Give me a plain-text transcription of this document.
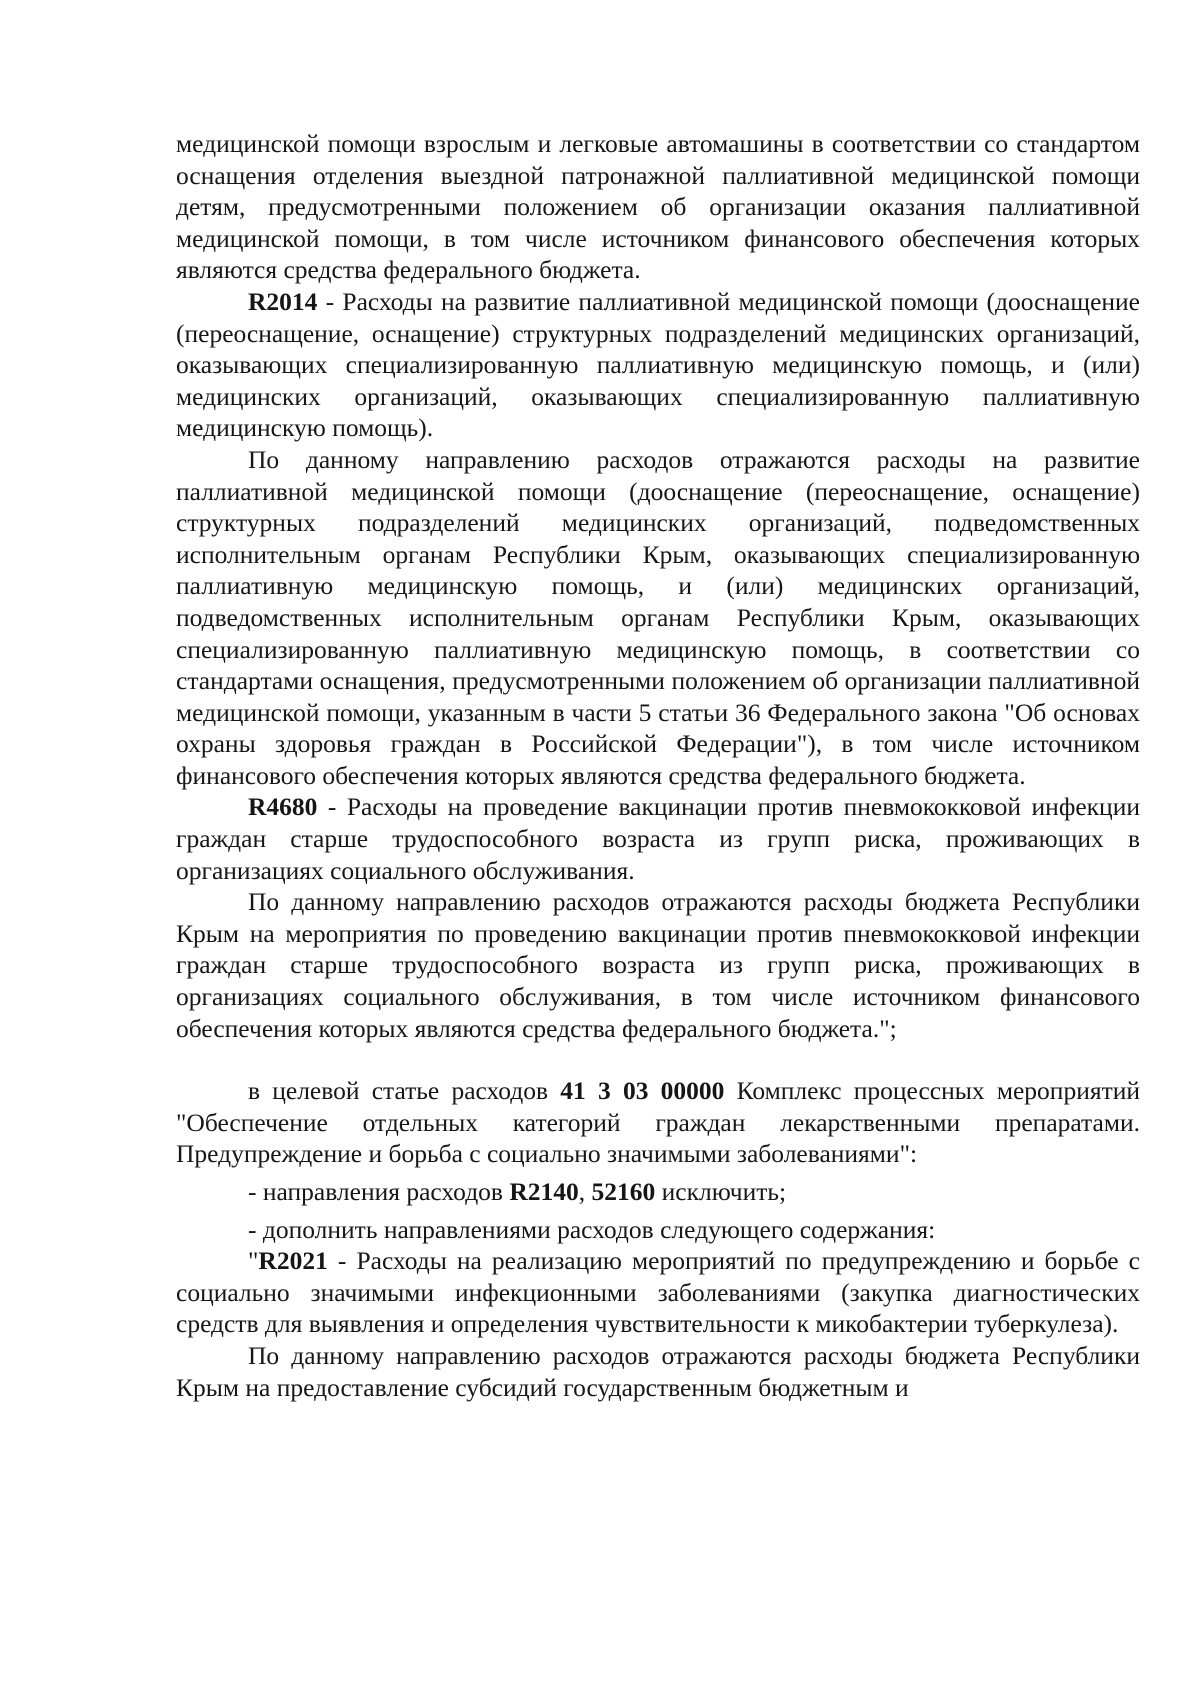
медицинской помощи взрослым и легковые автомашины в соответствии со стандартом оснащения отделения выездной патронажной паллиативной медицинской помощи детям, предусмотренными положением об организации оказания паллиативной медицинской помощи, в том числе источником финансового обеспечения которых являются средства федерального бюджета.

R2014 - Расходы на развитие паллиативной медицинской помощи (дооснащение (переоснащение, оснащение) структурных подразделений медицинских организаций, оказывающих специализированную паллиативную медицинскую помощь, и (или) медицинских организаций, оказывающих специализированную паллиативную медицинскую помощь).

По данному направлению расходов отражаются расходы на развитие паллиативной медицинской помощи (дооснащение (переоснащение, оснащение) структурных подразделений медицинских организаций, подведомственных исполнительным органам Республики Крым, оказывающих специализированную паллиативную медицинскую помощь, и (или) медицинских организаций, подведомственных исполнительным органам Республики Крым, оказывающих специализированную паллиативную медицинскую помощь, в соответствии со стандартами оснащения, предусмотренными положением об организации паллиативной медицинской помощи, указанным в части 5 статьи 36 Федерального закона "Об основах охраны здоровья граждан в Российской Федерации"), в том числе источником финансового обеспечения которых являются средства федерального бюджета.

R4680 - Расходы на проведение вакцинации против пневмококковой инфекции граждан старше трудоспособного возраста из групп риска, проживающих в организациях социального обслуживания.

По данному направлению расходов отражаются расходы бюджета Республики Крым на мероприятия по проведению вакцинации против пневмококковой инфекции граждан старше трудоспособного возраста из групп риска, проживающих в организациях социального обслуживания, в том числе источником финансового обеспечения которых являются средства федерального бюджета.";

в целевой статье расходов 41 3 03 00000 Комплекс процессных мероприятий "Обеспечение отдельных категорий граждан лекарственными препаратами. Предупреждение и борьба с социально значимыми заболеваниями":

- направления расходов R2140, 52160 исключить;

- дополнить направлениями расходов следующего содержания:

"R2021 - Расходы на реализацию мероприятий по предупреждению и борьбе с социально значимыми инфекционными заболеваниями (закупка диагностических средств для выявления и определения чувствительности к микобактерии туберкулеза).

По данному направлению расходов отражаются расходы бюджета Республики Крым на предоставление субсидий государственным бюджетным и
